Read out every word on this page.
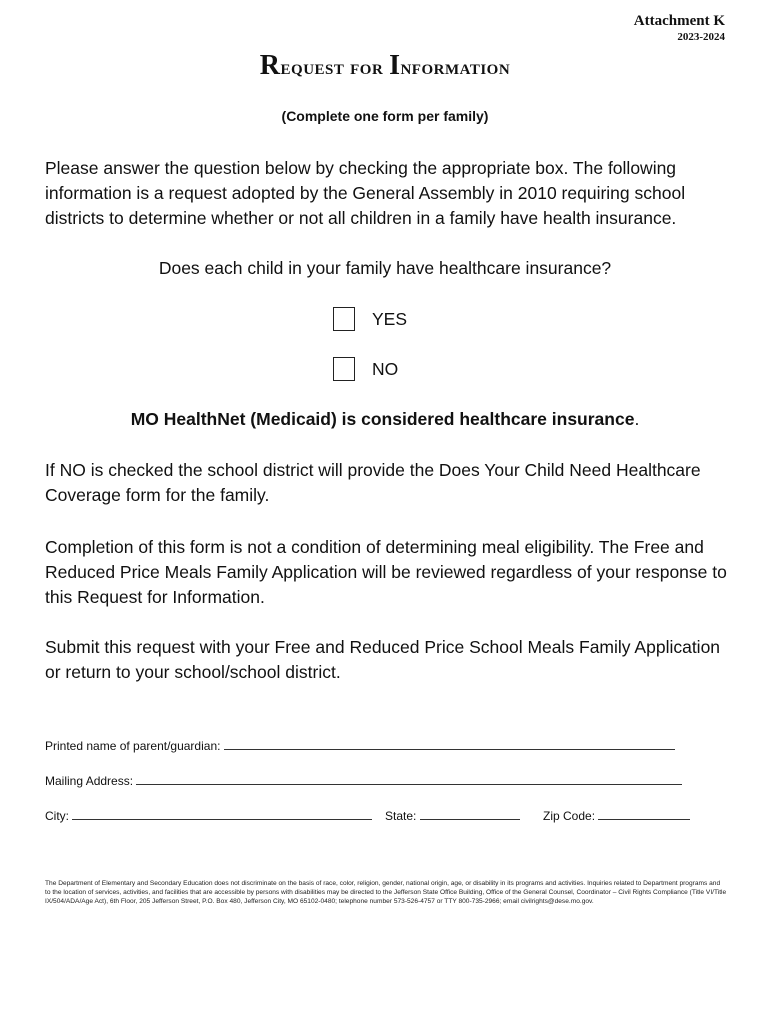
Attachment K
2023-2024
Request for Information
(Complete one form per family)
Please answer the question below by checking the appropriate box. The following information is a request adopted by the General Assembly in 2010 requiring school districts to determine whether or not all children in a family have health insurance.
Does each child in your family have healthcare insurance?
YES
NO
MO HealthNet (Medicaid) is considered healthcare insurance.
If NO is checked the school district will provide the Does Your Child Need Healthcare Coverage form for the family.
Completion of this form is not a condition of determining meal eligibility. The Free and Reduced Price Meals Family Application will be reviewed regardless of your response to this Request for Information.
Submit this request with your Free and Reduced Price School Meals Family Application or return to your school/school district.
Printed name of parent/guardian:
Mailing Address:
City:	State:	Zip Code:
The Department of Elementary and Secondary Education does not discriminate on the basis of race, color, religion, gender, national origin, age, or disability in its programs and activities. Inquiries related to Department programs and to the location of services, activities, and facilities that are accessible by persons with disabilities may be directed to the Jefferson State Office Building, Office of the General Counsel, Coordinator – Civil Rights Compliance (Title VI/Title IX/504/ADA/Age Act), 6th Floor, 205 Jefferson Street, P.O. Box 480, Jefferson City, MO 65102-0480; telephone number 573-526-4757 or TTY 800-735-2966; email civilrights@dese.mo.gov.
